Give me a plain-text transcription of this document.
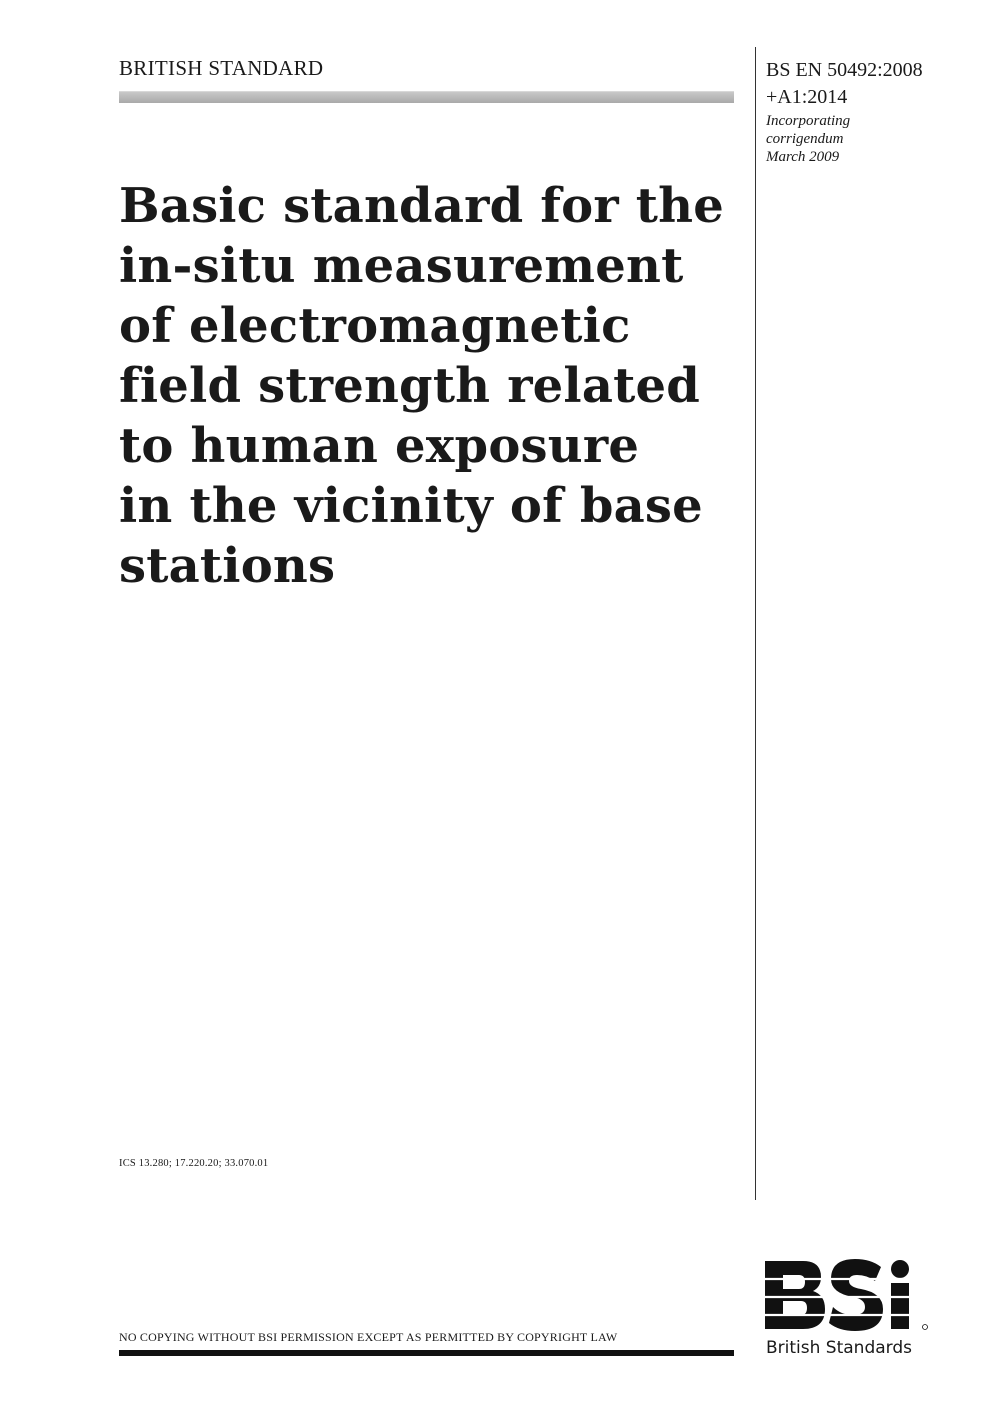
BRITISH STANDARD	BS EN 50492:2008
+A1:2014
Incorporating
corrigendum
March 2009
Basic standard for the
in-situ measurement
of electromagnetic
field strength related
to human exposure
in the vicinity of base
stations
ICS 13.280; 17.220.20; 33.070.01
NO COPYING WITHOUT BSI PERMISSION EXCEPT AS PERMITTED BY COPYRIGHT LAW
British Standards
